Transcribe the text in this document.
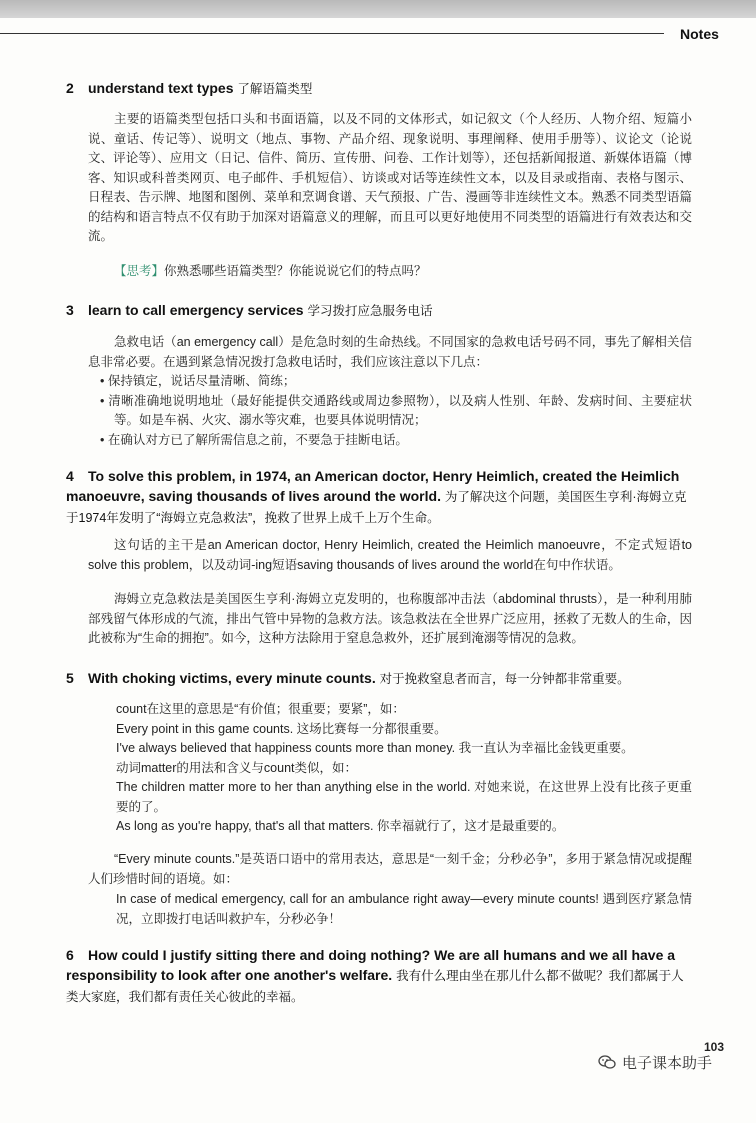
Notes
2 understand text types 了解语篇类型
主要的语篇类型包括口头和书面语篇，以及不同的文体形式，如记叙文（个人经历、人物介绍、短篇小说、童话、传记等）、说明文（地点、事物、产品介绍、现象说明、事理阐释、使用手册等）、议论文（论说文、评论等）、应用文（日记、信件、简历、宣传册、问卷、工作计划等），还包括新闻报道、新媒体语篇（博客、知识或科普类网页、电子邮件、手机短信）、访谈或对话等连续性文本，以及目录或指南、表格与图示、日程表、告示牌、地图和图例、菜单和烹调食谱、天气预报、广告、漫画等非连续性文本。熟悉不同类型语篇的结构和语言特点不仅有助于加深对语篇意义的理解，而且可以更好地使用不同类型的语篇进行有效表达和交流。
【思考】你熟悉哪些语篇类型？你能说说它们的特点吗？
3 learn to call emergency services 学习拨打应急服务电话
急救电话（an emergency call）是危急时刻的生命热线。不同国家的急救电话号码不同，事先了解相关信息非常必要。在遇到紧急情况拨打急救电话时，我们应该注意以下几点：
• 保持镇定，说话尽量清晰、简练；
• 清晰准确地说明地址（最好能提供交通路线或周边参照物），以及病人性别、年龄、发病时间、主要症状等。如是车祸、火灾、溺水等灾难，也要具体说明情况；
• 在确认对方已了解所需信息之前，不要急于挂断电话。
4 To solve this problem, in 1974, an American doctor, Henry Heimlich, created the Heimlich manoeuvre, saving thousands of lives around the world. 为了解决这个问题，美国医生亨利·海姆立克于1974年发明了“海姆立克急救法”，挽救了世界上成千上万个生命。
这句话的主干是an American doctor, Henry Heimlich, created the Heimlich manoeuvre，不定式短语to solve this problem，以及动词-ing短语saving thousands of lives around the world在句中作状语。
海姆立克急救法是美国医生亨利·海姆立克发明的，也称腹部冲击法（abdominal thrusts），是一种利用肺部残留气体形成的气流，排出气管中异物的急救方法。该急救法在全世界广泛应用，拯救了无数人的生命，因此被称为“生命的拥抱”。如今，这种方法除用于窒息急救外，还扩展到淹溺等情况的急救。
5 With choking victims, every minute counts. 对于挽救窒息者而言，每一分钟都非常重要。
count在这里的意思是“有价值；很重要；要紧”，如：
Every point in this game counts. 这场比赛每一分都很重要。
I've always believed that happiness counts more than money. 我一直认为幸福比金钱更重要。
动词matter的用法和含义与count类似，如：
The children matter more to her than anything else in the world. 对她来说，在这世界上没有比孩子更重要的了。
As long as you're happy, that's all that matters. 你幸福就行了，这才是最重要的。
“Every minute counts.”是英语口语中的常用表达，意思是“一刻千金；分秒必争”，多用于紧急情况或提醒人们珍惜时间的语境。如：
In case of medical emergency, call for an ambulance right away—every minute counts! 遇到医疗紧急情况，立即拨打电话叫救护车，分秒必争！
6 How could I justify sitting there and doing nothing? We are all humans and we all have a responsibility to look after one another's welfare. 我有什么理由坐在那儿什么都不做呢？我们都属于人类大家庭，我们都有责任关心彼此的幸福。
103
电子课本助手
